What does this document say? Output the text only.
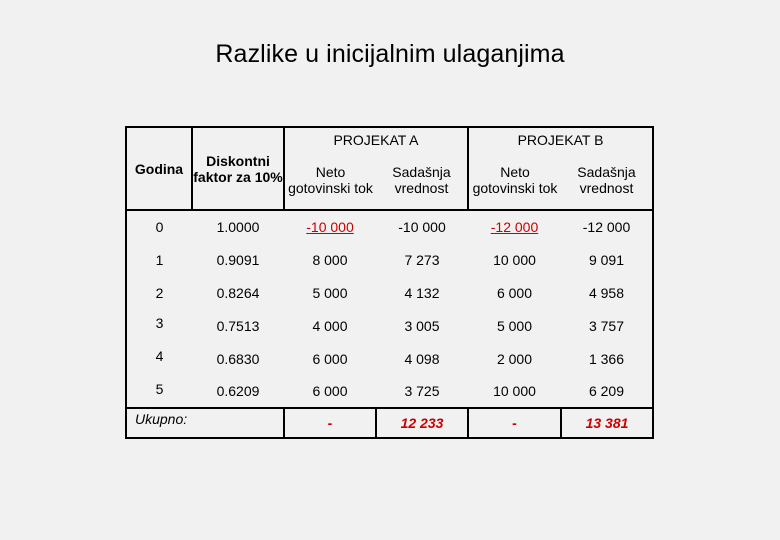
Razlike u inicijalnim ulaganjima
Godina	Diskontni faktor za 10%	PROJEKAT A		PROJEKAT B	
		Neto gotovinski tok	Sadašnja vrednost	Neto gotovinski tok	Sadašnja vrednost
0	1.0000	-10 000	-10 000	-12 000	-12 000
1	0.9091	8 000	7 273	10 000	9 091
2	0.8264	5 000	4 132	6 000	4 958
3	0.7513	4 000	3 005	5 000	3 757
4	0.6830	6 000	4 098	2 000	1 366
5	0.6209	6 000	3 725	10 000	6 209
Ukupno:		-	12 233	-	13 381
